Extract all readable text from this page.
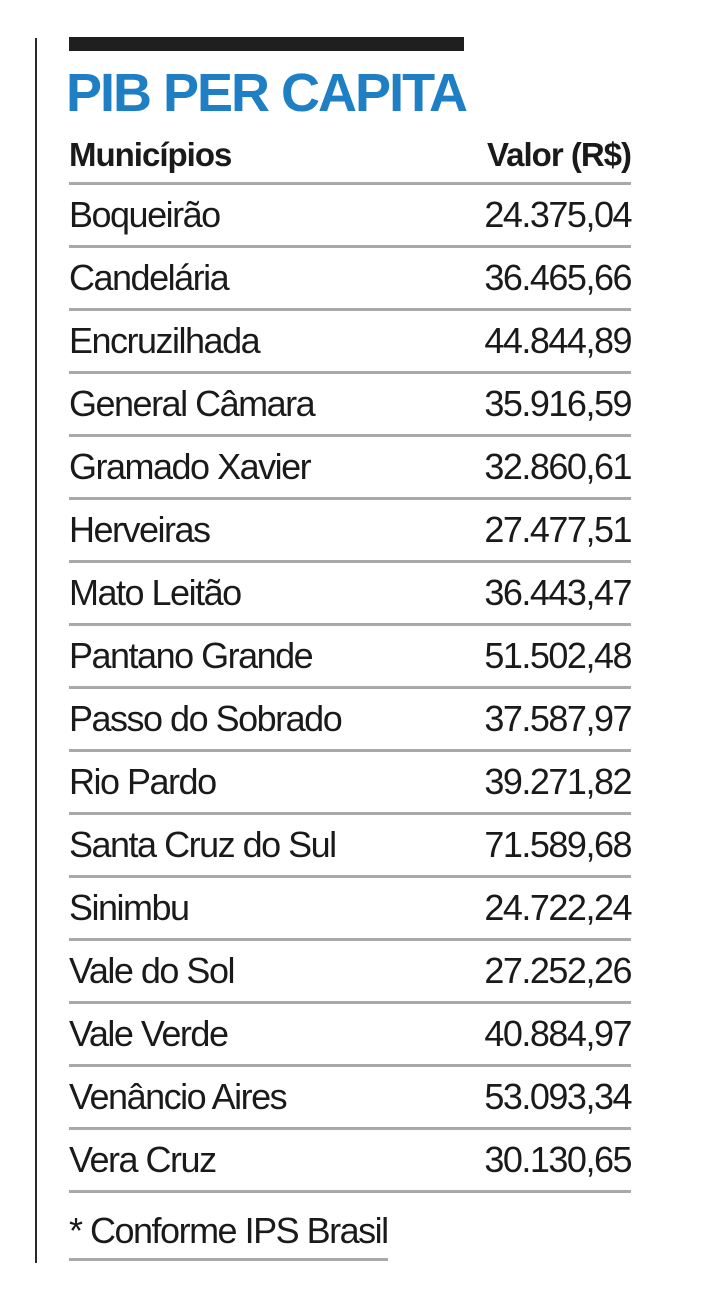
PIB PER CAPITA
Municípios	Valor (R$)
Boqueirão	24.375,04
Candelária	36.465,66
Encruzilhada	44.844,89
General Câmara	35.916,59
Gramado Xavier	32.860,61
Herveiras	27.477,51
Mato Leitão	36.443,47
Pantano Grande	51.502,48
Passo do Sobrado	37.587,97
Rio Pardo	39.271,82
Santa Cruz do Sul	71.589,68
Sinimbu	24.722,24
Vale do Sol	27.252,26
Vale Verde	40.884,97
Venâncio Aires	53.093,34
Vera Cruz	30.130,65
* Conforme IPS Brasil
